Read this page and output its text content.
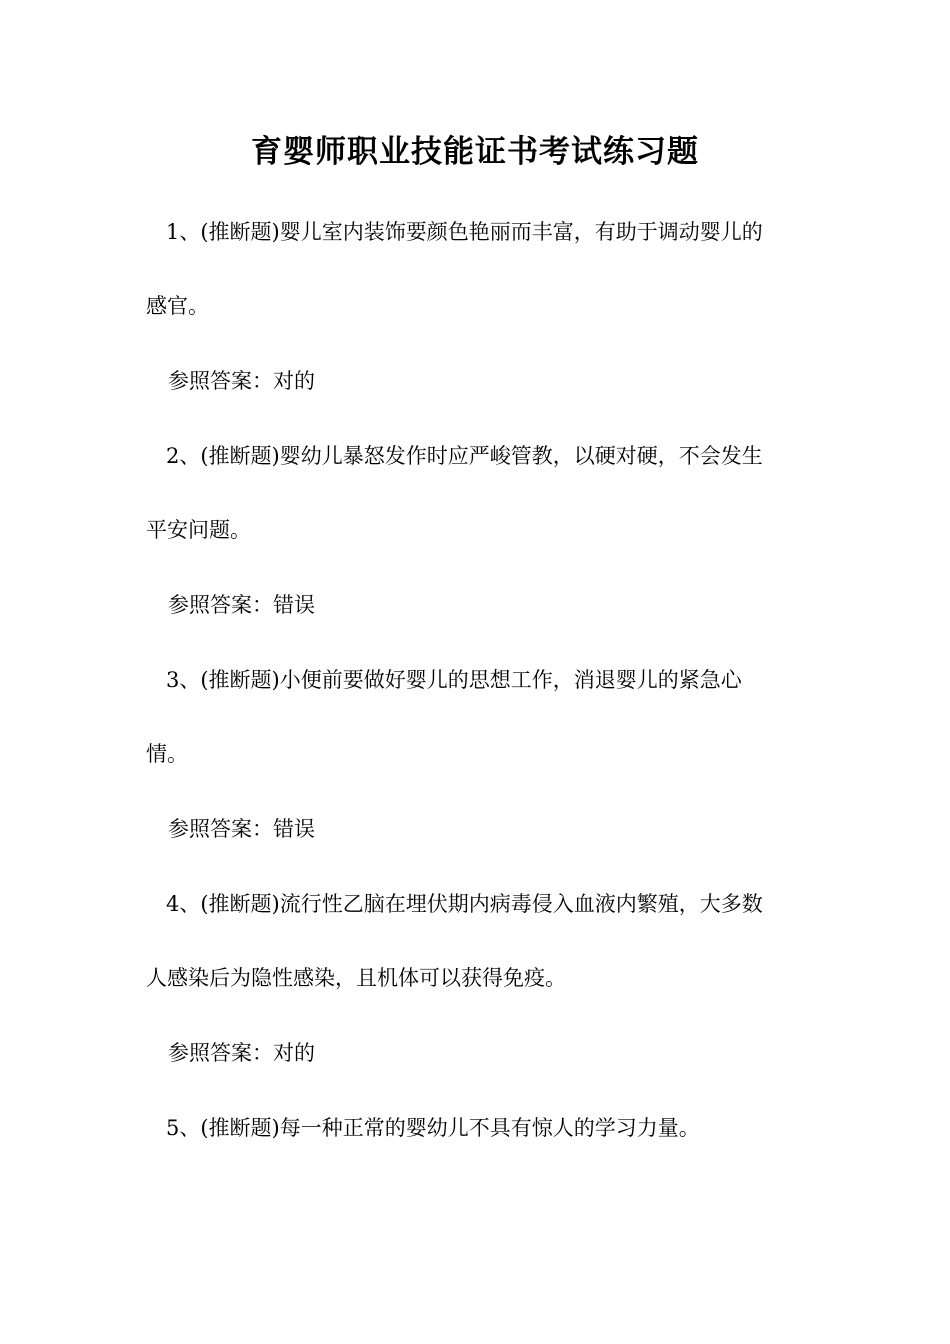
育婴师职业技能证书考试练习题
1、(推断题)婴儿室内装饰要颜色艳丽而丰富，有助于调动婴儿的
感官。
参照答案：对的
2、(推断题)婴幼儿暴怒发作时应严峻管教，以硬对硬，不会发生
平安问题。
参照答案：错误
3、(推断题)小便前要做好婴儿的思想工作，消退婴儿的紧急心
情。
参照答案：错误
4、(推断题)流行性乙脑在埋伏期内病毒侵入血液内繁殖，大多数
人感染后为隐性感染，且机体可以获得免疫。
参照答案：对的
5、(推断题)每一种正常的婴幼儿不具有惊人的学习力量。
